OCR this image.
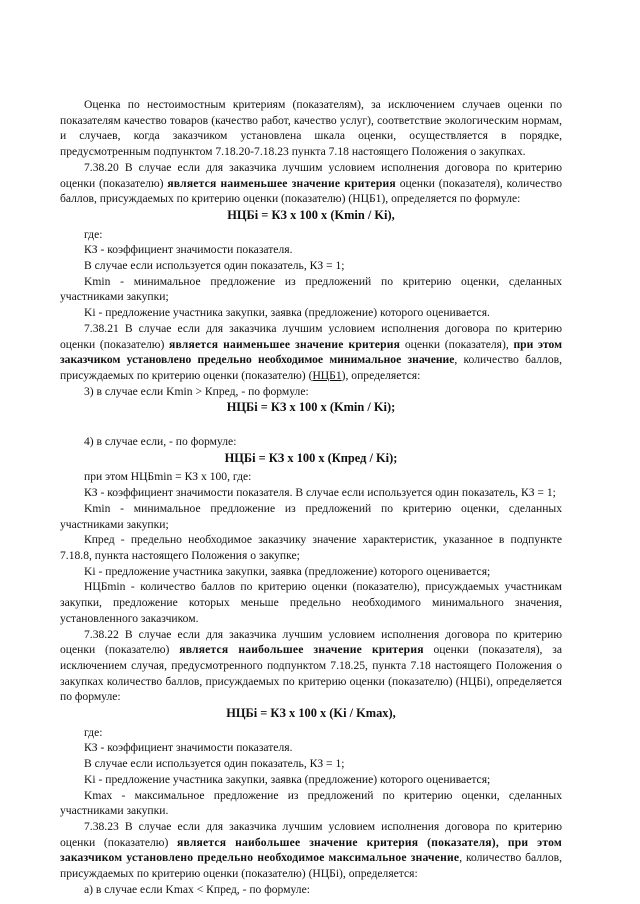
Оценка по нестоимостным критериям (показателям), за исключением случаев оценки по показателям качество товаров (качество работ, качество услуг), соответствие экологическим нормам, и случаев, когда заказчиком установлена шкала оценки, осуществляется в порядке, предусмотренным подпунктом 7.18.20-7.18.23 пункта 7.18 настоящего Положения о закупках.

7.38.20 В случае если для заказчика лучшим условием исполнения договора по критерию оценки (показателю) является наименьшее значение критерия оценки (показателя), количество баллов, присуждаемых по критерию оценки (показателю) (НЦБ1), определяется по формуле:

НЦБi = КЗ х 100 х (Kmin / Ki),

где:

КЗ - коэффициент значимости показателя.

В случае если используется один показатель, КЗ = 1;

Kmin - минимальное предложение из предложений по критерию оценки, сделанных участниками закупки;

Ki - предложение участника закупки, заявка (предложение) которого оценивается.

7.38.21 В случае если для заказчика лучшим условием исполнения договора по критерию оценки (показателю) является наименьшее значение критерия оценки (показателя), при этом заказчиком установлено предельно необходимое минимальное значение, количество баллов, присуждаемых по критерию оценки (показателю) (НЦБ1), определяется:

3) в случае если Kmin > Кпред, - по формуле:

НЦБi = КЗ х 100 х (Kmin / Ki);

4) в случае если, - по формуле:

НЦБi = КЗ х 100 х (Кпред / Ki);

при этом НЦБmin = КЗ х 100, где:

КЗ - коэффициент значимости показателя. В случае если используется один показатель, КЗ = 1;

Kmin - минимальное предложение из предложений по критерию оценки, сделанных участниками закупки;

Кпред - предельно необходимое заказчику значение характеристик, указанное в подпункте 7.18.8, пункта настоящего Положения о закупке;

Ki - предложение участника закупки, заявка (предложение) которого оценивается;

НЦБmin - количество баллов по критерию оценки (показателю), присуждаемых участникам закупки, предложение которых меньше предельно необходимого минимального значения, установленного заказчиком.

7.38.22 В случае если для заказчика лучшим условием исполнения договора по критерию оценки (показателю) является наибольшее значение критерия оценки (показателя), за исключением случая, предусмотренного подпунктом 7.18.25, пункта 7.18 настоящего Положения о закупках количество баллов, присуждаемых по критерию оценки (показателю) (НЦБi), определяется по формуле:

НЦБi = КЗ х 100 х (Ki / Kmax),

где:

КЗ - коэффициент значимости показателя.

В случае если используется один показатель, КЗ = 1;

Ki - предложение участника закупки, заявка (предложение) которого оценивается;

Kmax - максимальное предложение из предложений по критерию оценки, сделанных участниками закупки.

7.38.23 В случае если для заказчика лучшим условием исполнения договора по критерию оценки (показателю) является наибольшее значение критерия (показателя), при этом заказчиком установлено предельно необходимое максимальное значение, количество баллов, присуждаемых по критерию оценки (показателю) (НЦБi), определяется:

а) в случае если Kmax < Кпред, - по формуле:
